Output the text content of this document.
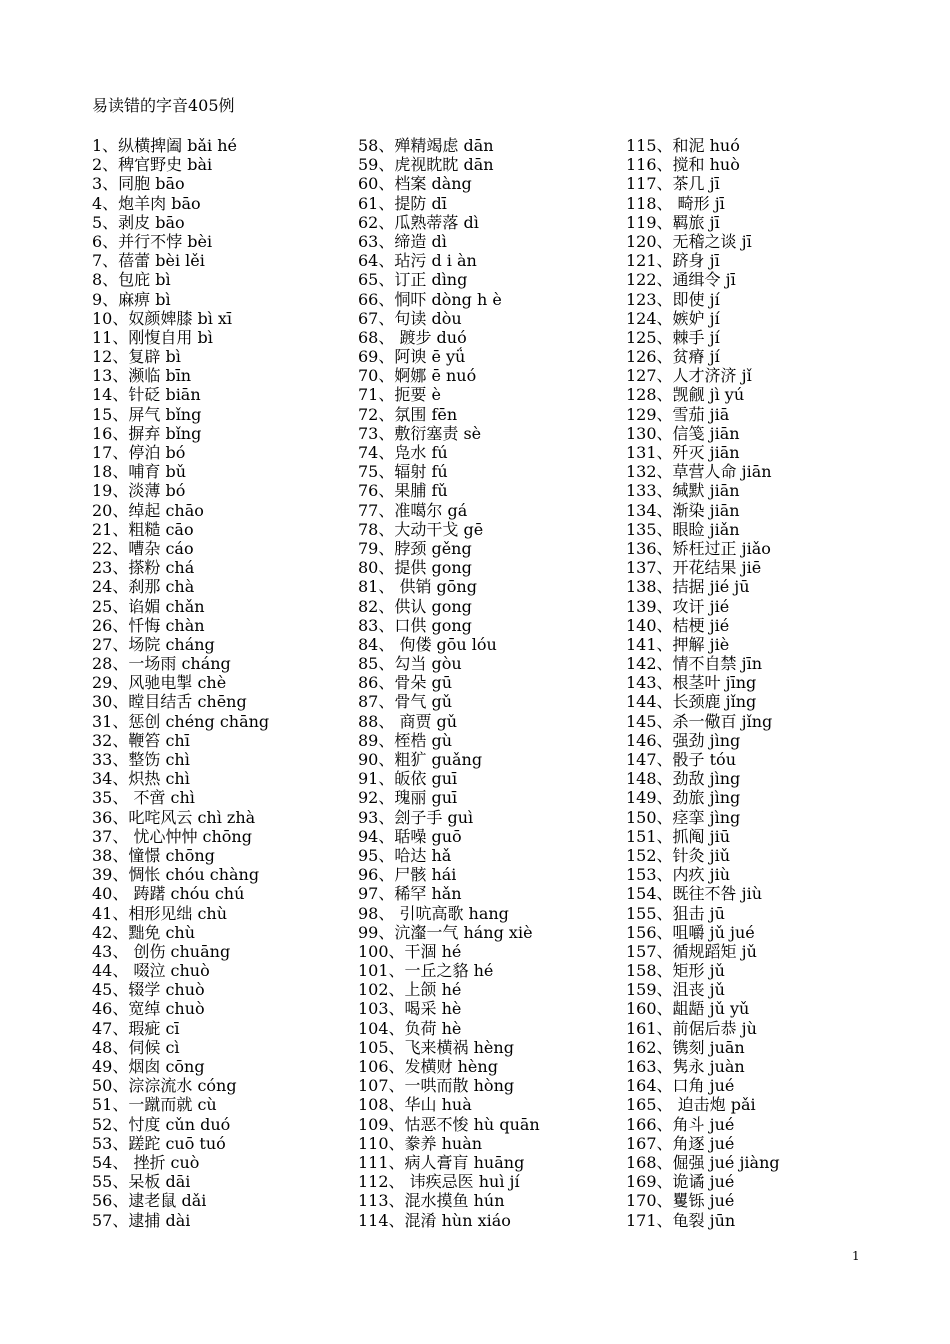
易读错的字音405例
1、纵横捭阖 bǎi hé
2、稗官野史 bài
3、同胞 bāo
4、炮羊肉 bāo
5、剥皮 bāo
6、并行不悖 bèi
7、蓓蕾 bèi lěi
8、包庇 bì
9、麻痹 bì
10、奴颜婢膝 bì xī
11、刚愎自用 bì
12、复辟 bì
13、濒临 bīn
14、针砭 biān
15、屏气 bǐng
16、摒弃 bǐng
17、停泊 bó
18、哺育 bǔ
19、淡薄 bó
20、绰起 chāo
21、粗糙 cāo
22、嘈杂 cáo
23、搽粉 chá
24、刹那 chà
25、谄媚 chǎn
26、忏悔 chàn
27、场院 cháng
28、一场雨 cháng
29、风驰电掣 chè
30、瞠目结舌 chēng
31、惩创 chéng chāng
32、鞭笞 chī
33、整饬 chì
34、炽热 chì
35、 不啻 chì
36、叱咤风云 chì zhà
37、 忧心忡忡 chōng
38、憧憬 chōng
39、惆怅 chóu chàng
40、 踌躇 chóu chú
41、相形见绌 chù
42、黜免 chù
43、 创伤 chuāng
44、 啜泣 chuò
45、辍学 chuò
46、宽绰 chuò
47、瑕疵 cī
48、伺候 cì
49、烟囱 cōng
50、淙淙流水 cóng
51、一蹴而就 cù
52、忖度 cǔn duó
53、蹉跎 cuō tuó
54、 挫折 cuò
55、呆板 dāi
56、逮老鼠 dǎi
57、逮捕 dài
58、殚精竭虑 dān
59、虎视眈眈 dān
60、档案 dàng
61、提防 dī
62、瓜熟蒂落 dì
63、缔造 dì
64、玷污 d i àn
65、订正 dìng
66、恫吓 dòng h è
67、句读 dòu
68、 踱步 duó
69、阿谀 ē yǘ
70、婀娜 ē nuó
71、扼要 è
72、氛围 fēn
73、敷衍塞责 sè
74、凫水 fú
75、辐射 fú
76、果脯 fǔ
77、准噶尔 gá
78、大动干戈 gē
79、脖颈 gěng
80、提供 gong
81、 供销 gōng
82、供认 gong
83、口供 gong
84、 佝偻 gōu lóu
85、勾当 gòu
86、骨朵 gū
87、骨气 gǔ
88、 商贾 gǔ
89、桎梏 gù
90、粗犷 guǎng
91、皈依 guī
92、瑰丽 guī
93、刽子手 guì
94、聒噪 guō
95、哈达 hǎ
96、尸骸 hái
97、稀罕 hǎn
98、 引吭高歌 hang
99、沆瀣一气 háng xiè
100、干涸 hé
101、一丘之貉 hé
102、上颌 hé
103、喝采 hè
104、负荷 hè
105、飞来横祸 hèng
106、发横财 hèng
107、一哄而散 hòng
108、华山 huà
109、怙恶不悛 hù quān
110、豢养 huàn
111、病人膏肓 huāng
112、 讳疾忌医 huì jí
113、混水摸鱼 hún
114、混淆 hùn xiáo
115、和泥 huó
116、搅和 huò
117、茶几 jī
118、 畸形 jī
119、羁旅 jī
120、无稽之谈 jī
121、跻身 jī
122、通缉令 jī
123、即使 jí
124、嫉妒 jí
125、棘手 jí
126、贫瘠 jí
127、人才济济 jǐ
128、觊觎 jì yú
129、雪茄 jiā
130、信笺 jiān
131、歼灭 jiān
132、草营人命 jiān
133、缄默 jiān
134、渐染 jiān
135、眼睑 jiǎn
136、矫枉过正 jiǎo
137、开花结果 jiē
138、拮据 jié jū
139、攻讦 jié
140、桔梗 jié
141、押解 jiè
142、情不自禁 jīn
143、根茎叶 jīng
144、长颈鹿 jǐng
145、杀一儆百 jǐng
146、强劲 jìng
147、骰子 tóu
148、劲敌 jìng
149、劲旅 jìng
150、痉挛 jìng
151、抓阄 jiū
152、针灸 jiǔ
153、内疚 jiù
154、既往不咎 jiù
155、狙击 jū
156、咀嚼 jǔ jué
157、循规蹈矩 jǔ
158、矩形 jǔ
159、沮丧 jǔ
160、龃龉 jǔ yǔ
161、前倨后恭 jù
162、镌刻 juān
163、隽永 juàn
164、口角 jué
165、 迫击炮 pǎi
166、角斗 jué
167、角逐 jué
168、倔强 jué jiàng
169、诡谲 jué
170、矍铄 jué
171、龟裂 jūn
1
